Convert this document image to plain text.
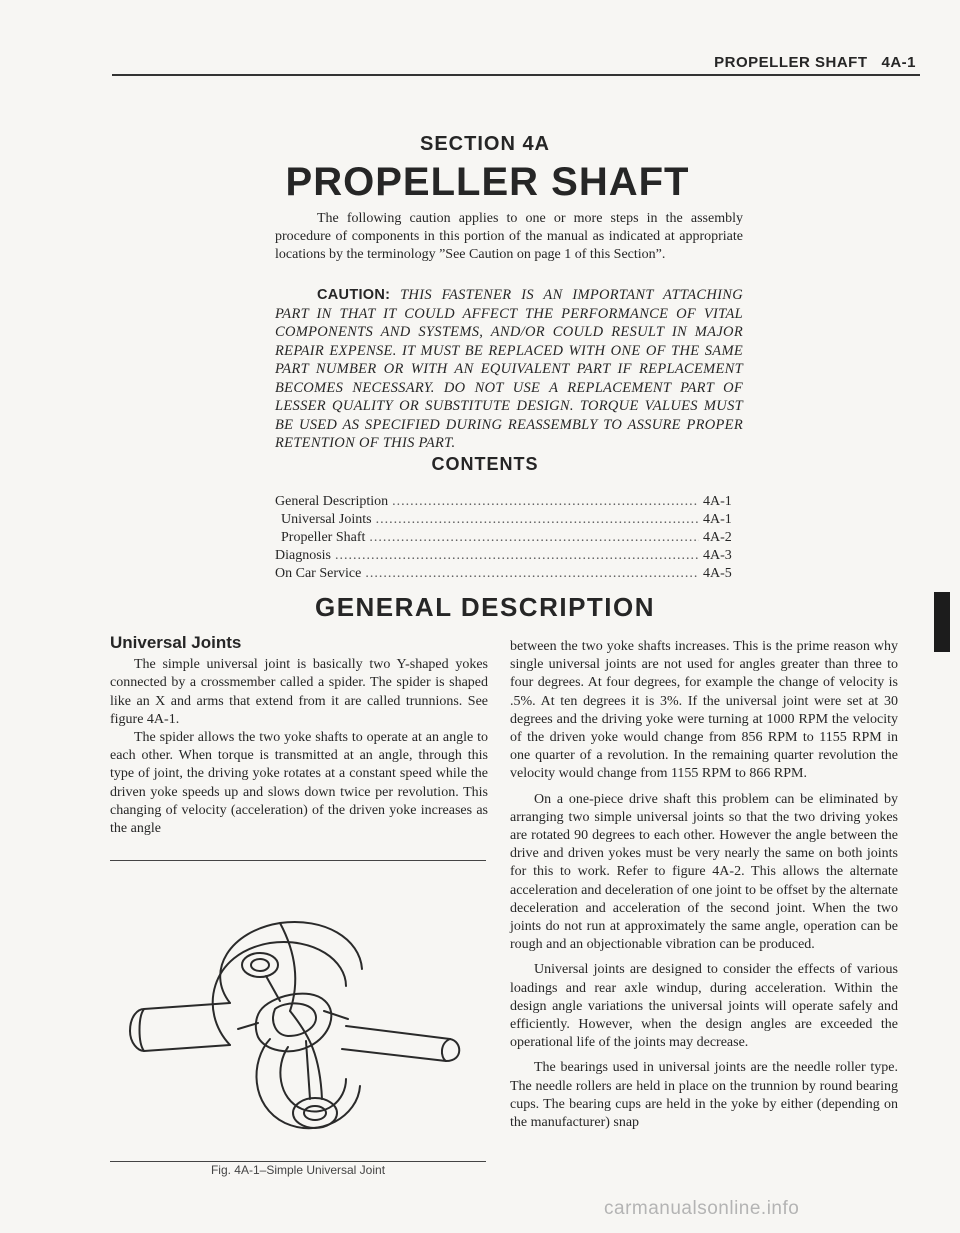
PROPELLER SHAFT   4A-1
SECTION 4A
PROPELLER SHAFT

The following caution applies to one or more steps in the assembly procedure of components in this portion of the manual as indicated at appropriate locations by the terminology ”See Caution on page 1 of this Section”.

CAUTION: THIS FASTENER IS AN IMPORTANT ATTACHING PART IN THAT IT COULD AFFECT THE PERFORMANCE OF VITAL COMPONENTS AND SYSTEMS, AND/OR COULD RESULT IN MAJOR REPAIR EXPENSE. IT MUST BE REPLACED WITH ONE OF THE SAME PART NUMBER OR WITH AN EQUIVALENT PART IF REPLACEMENT BECOMES NECESSARY. DO NOT USE A REPLACEMENT PART OF LESSER QUALITY OR SUBSTITUTE DESIGN. TORQUE VALUES MUST BE USED AS SPECIFIED DURING REASSEMBLY TO ASSURE PROPER RETENTION OF THIS PART.
CONTENTS
General Description .....	4A-1
Universal Joints .....	4A-1
Propeller Shaft .....	4A-2
Diagnosis .....	4A-3
On Car Service .....	4A-5
GENERAL DESCRIPTION
Universal Joints

The simple universal joint is basically two Y-shaped yokes connected by a crossmember called a spider. The spider is shaped like an X and arms that extend from it are called trunnions. See figure 4A-1.

The spider allows the two yoke shafts to operate at an angle to each other. When torque is transmitted at an angle, through this type of joint, the driving yoke rotates at a constant speed while the driven yoke speeds up and slows down twice per revolution. This changing of velocity (acceleration) of the driven yoke increases as the angle

Fig. 4A-1–Simple Universal Joint

between the two yoke shafts increases. This is the prime reason why single universal joints are not used for angles greater than three to four degrees. At four degrees, for example the change of velocity is .5%. At ten degrees it is 3%. If the universal joint were set at 30 degrees and the driving yoke were turning at 1000 RPM the velocity of the driven yoke would change from 856 RPM to 1155 RPM in one quarter of a revolution. In the remaining quarter revolution the velocity would change from 1155 RPM to 866 RPM.

On a one-piece drive shaft this problem can be eliminated by arranging two simple universal joints so that the two driving yokes are rotated 90 degrees to each other. However the angle between the drive and driven yokes must be very nearly the same on both joints for this to work. Refer to figure 4A-2. This allows the alternate acceleration and deceleration of one joint to be offset by the alternate deceleration and acceleration of the second joint. When the two joints do not run at approximately the same angle, operation can be rough and an objectionable vibration can be produced.

Universal joints are designed to consider the effects of various loadings and rear axle windup, during acceleration. Within the design angle variations the universal joints will operate safely and efficiently. However, when the design angles are exceeded the operational life of the joints may decrease.

The bearings used in universal joints are the needle roller type. The needle rollers are held in place on the trunnion by round bearing cups. The bearing cups are held in the yoke by either (depending on the manufacturer) snap

carmanualsonline.info
